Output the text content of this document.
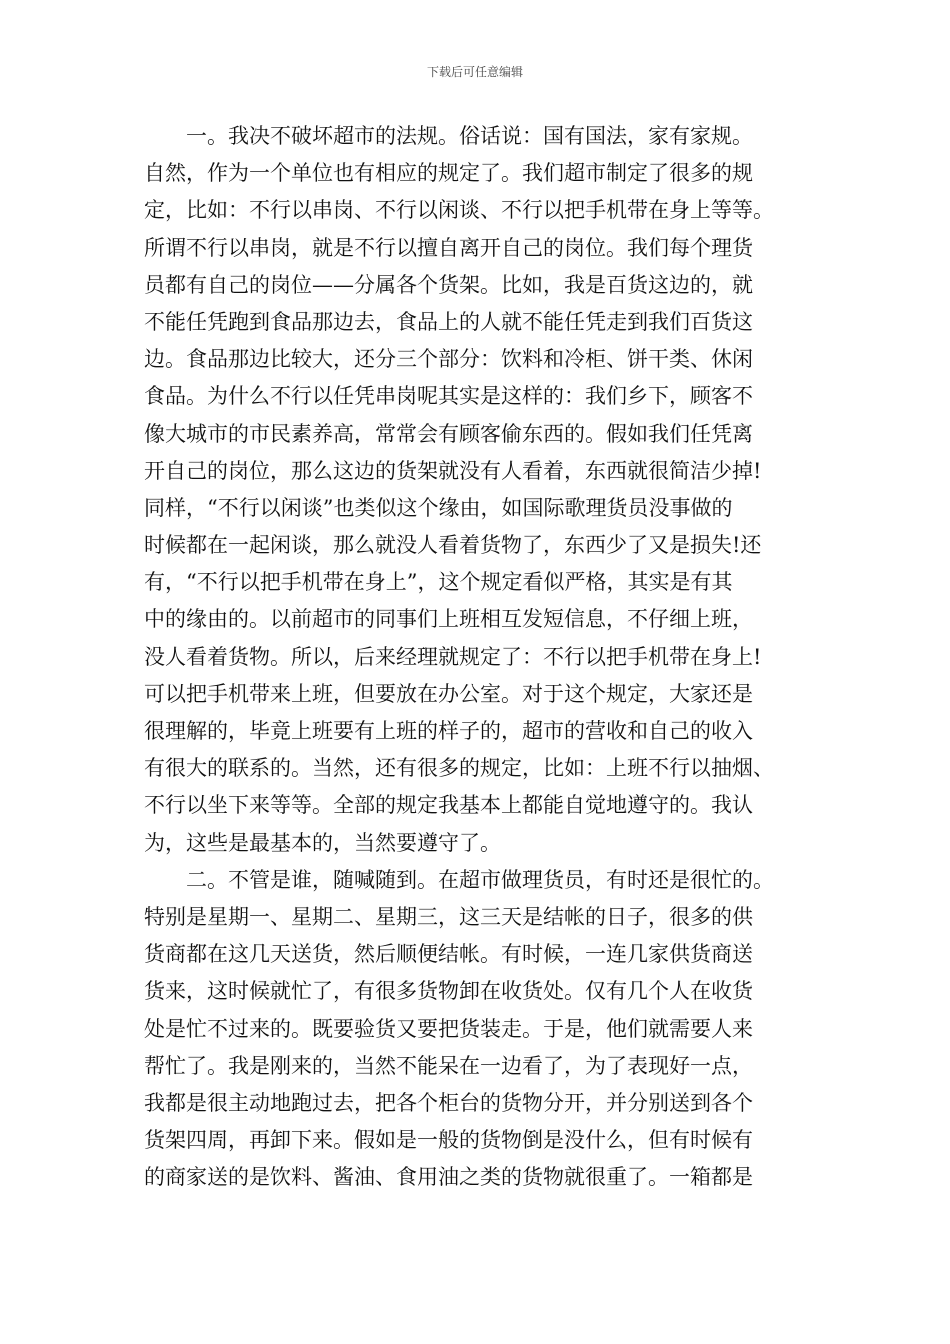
下载后可任意编辑
一。我决不破坏超市的法规。俗话说：国有国法，家有家规。
自然，作为一个单位也有相应的规定了。我们超市制定了很多的规
定，比如：不行以串岗、不行以闲谈、不行以把手机带在身上等等。
所谓不行以串岗，就是不行以擅自离开自己的岗位。我们每个理货
员都有自己的岗位——分属各个货架。比如，我是百货这边的，就
不能任凭跑到食品那边去，食品上的人就不能任凭走到我们百货这
边。食品那边比较大，还分三个部分：饮料和冷柜、饼干类、休闲
食品。为什么不行以任凭串岗呢其实是这样的：我们乡下，顾客不
像大城市的市民素养高，常常会有顾客偷东西的。假如我们任凭离
开自己的岗位，那么这边的货架就没有人看着，东西就很简洁少掉!
同样，“不行以闲谈”也类似这个缘由，如国际歌理货员没事做的
时候都在一起闲谈，那么就没人看着货物了，东西少了又是损失!还
有，“不行以把手机带在身上”，这个规定看似严格，其实是有其
中的缘由的。以前超市的同事们上班相互发短信息，不仔细上班，
没人看着货物。所以，后来经理就规定了：不行以把手机带在身上!
可以把手机带来上班，但要放在办公室。对于这个规定，大家还是
很理解的，毕竟上班要有上班的样子的，超市的营收和自己的收入
有很大的联系的。当然，还有很多的规定，比如：上班不行以抽烟、
不行以坐下来等等。全部的规定我基本上都能自觉地遵守的。我认
为，这些是最基本的，当然要遵守了。
二。不管是谁，随喊随到。在超市做理货员，有时还是很忙的。
特别是星期一、星期二、星期三，这三天是结帐的日子，很多的供
货商都在这几天送货，然后顺便结帐。有时候，一连几家供货商送
货来，这时候就忙了，有很多货物卸在收货处。仅有几个人在收货
处是忙不过来的。既要验货又要把货装走。于是，他们就需要人来
帮忙了。我是刚来的，当然不能呆在一边看了，为了表现好一点，
我都是很主动地跑过去，把各个柜台的货物分开，并分别送到各个
货架四周，再卸下来。假如是一般的货物倒是没什么，但有时候有
的商家送的是饮料、酱油、食用油之类的货物就很重了。一箱都是
